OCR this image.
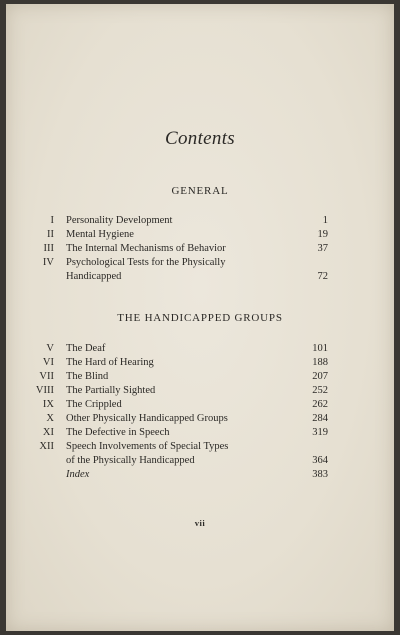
Contents
GENERAL
I Personality Development	1
II Mental Hygiene	19
III The Internal Mechanisms of Behavior	37
IV Psychological Tests for the Physically
Handicapped	72
THE HANDICAPPED GROUPS
V The Deaf	101
VI The Hard of Hearing	188
VII The Blind	207
VIII The Partially Sighted	252
IX The Crippled	262
X Other Physically Handicapped Groups	284
XI The Defective in Speech	319
XII Speech Involvements of Special Types
of the Physically Handicapped	364
Index	383
vii
